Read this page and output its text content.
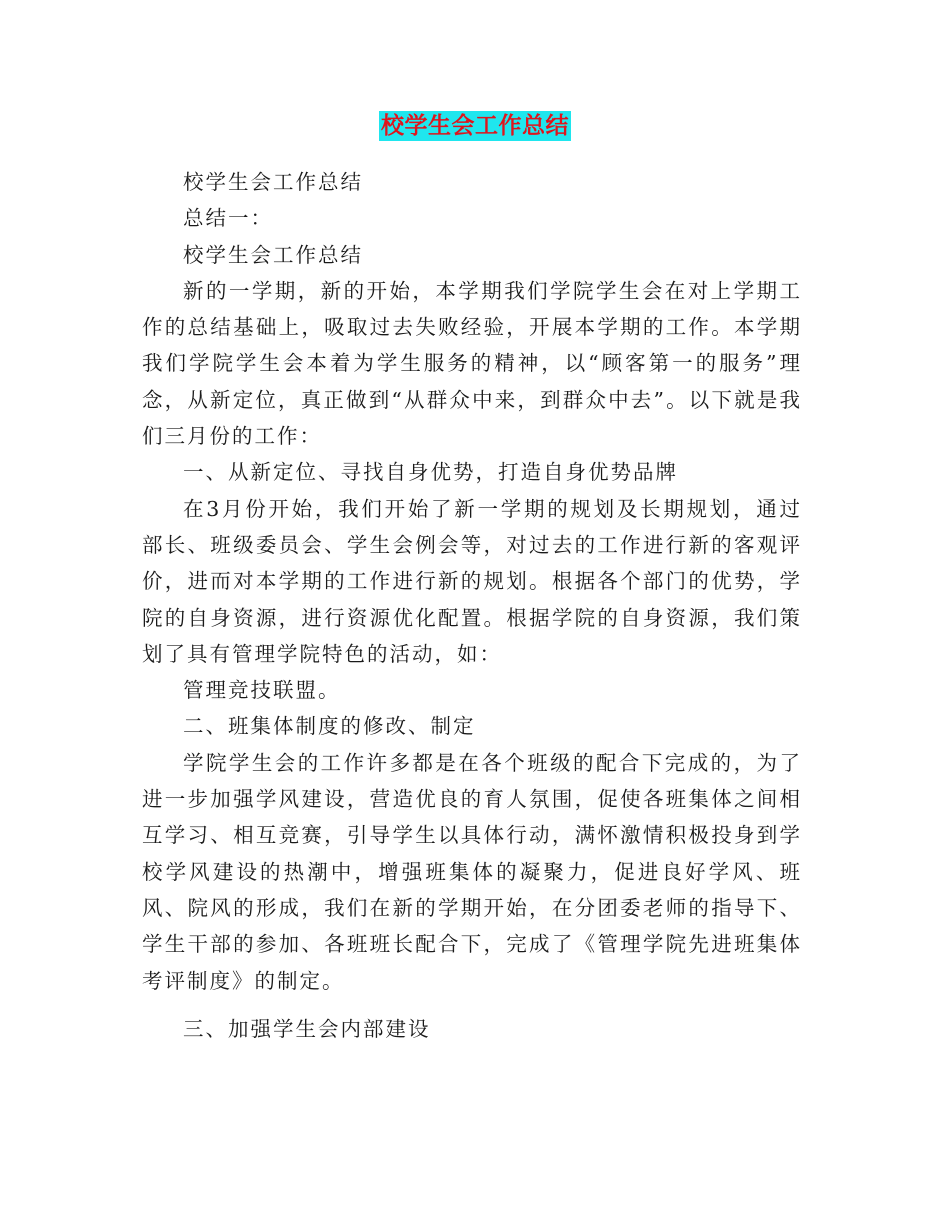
校学生会工作总结

校学生会工作总结

总结一：

校学生会工作总结

新的一学期，新的开始，本学期我们学院学生会在对上学期工作的总结基础上，吸取过去失败经验，开展本学期的工作。本学期我们学院学生会本着为学生服务的精神，以“顾客第一的服务”理念，从新定位，真正做到“从群众中来，到群众中去”。以下就是我们三月份的工作：

一、从新定位、寻找自身优势，打造自身优势品牌

在3月份开始，我们开始了新一学期的规划及长期规划，通过部长、班级委员会、学生会例会等，对过去的工作进行新的客观评价，进而对本学期的工作进行新的规划。根据各个部门的优势，学院的自身资源，进行资源优化配置。根据学院的自身资源，我们策划了具有管理学院特色的活动，如：

管理竞技联盟。

二、班集体制度的修改、制定

学院学生会的工作许多都是在各个班级的配合下完成的，为了进一步加强学风建设，营造优良的育人氛围，促使各班集体之间相互学习、相互竞赛，引导学生以具体行动，满怀激情积极投身到学校学风建设的热潮中，增强班集体的凝聚力，促进良好学风、班风、院风的形成，我们在新的学期开始，在分团委老师的指导下、学生干部的参加、各班班长配合下，完成了《管理学院先进班集体考评制度》的制定。

三、加强学生会内部建设
